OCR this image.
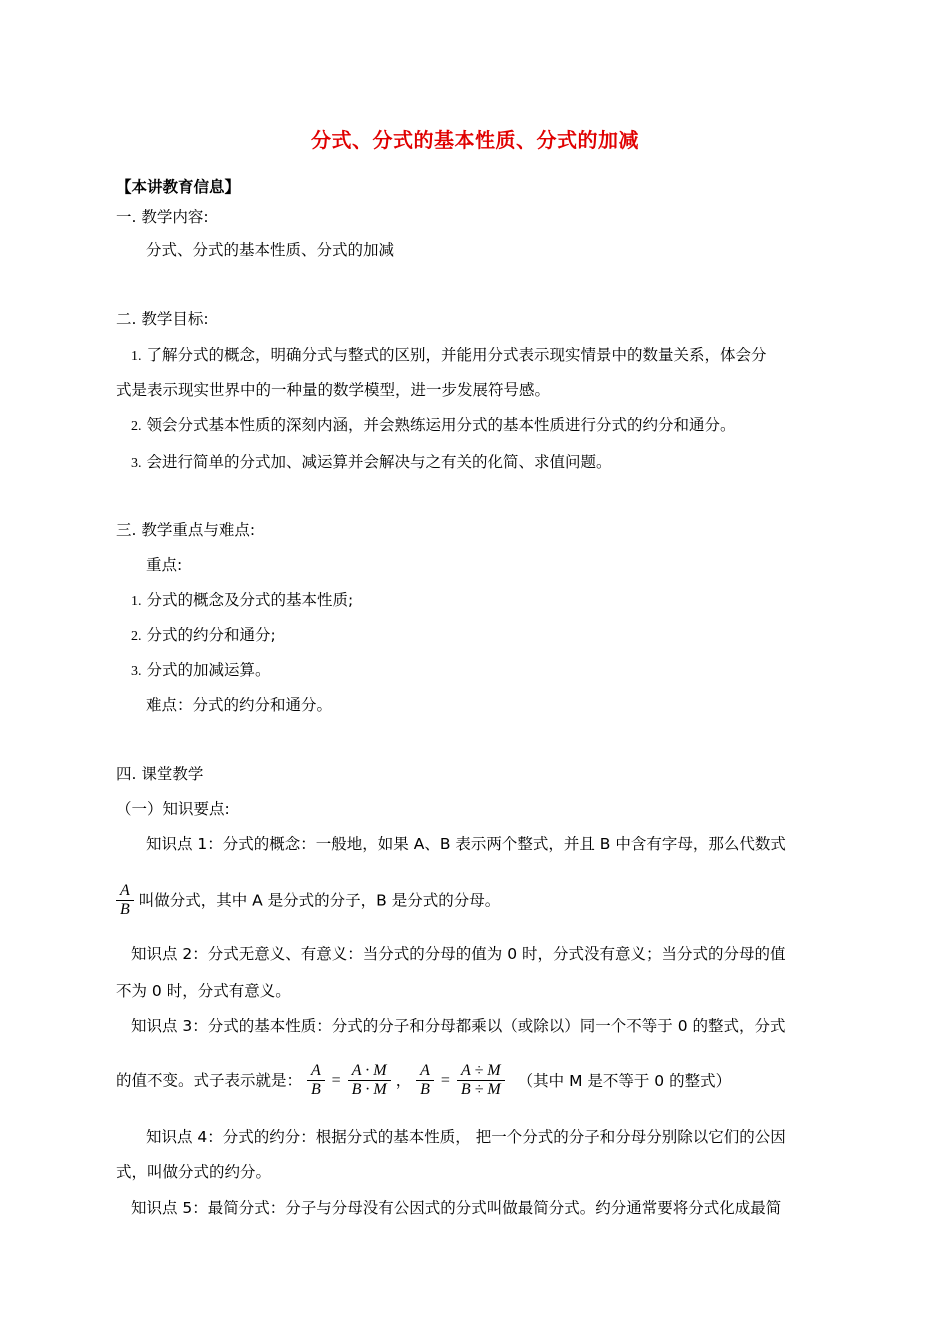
分式、分式的基本性质、分式的加减
【本讲教育信息】
一. 教学内容:
分式、分式的基本性质、分式的加减
二. 教学目标:
1. 了解分式的概念，明确分式与整式的区别，并能用分式表示现实情景中的数量关系，体会分
式是表示现实世界中的一种量的数学模型，进一步发展符号感。
2. 领会分式基本性质的深刻内涵，并会熟练运用分式的基本性质进行分式的约分和通分。
3. 会进行简单的分式加、减运算并会解决与之有关的化简、求值问题。
三. 教学重点与难点:
重点:
1. 分式的概念及分式的基本性质;
2. 分式的约分和通分;
3. 分式的加减运算。
难点：分式的约分和通分。
四. 课堂教学
（一）知识要点:
知识点 1：分式的概念：一般地，如果 A、B 表示两个整式，并且 B 中含有字母，那么代数式
$\frac{A}{B}$ 叫做分式，其中 A 是分式的分子，B 是分式的分母。
知识点 2：分式无意义、有意义：当分式的分母的值为 0 时，分式没有意义；当分式的分母的值
不为 0 时，分式有意义。
知识点 3：分式的基本性质：分式的分子和分母都乘以（或除以）同一个不等于 0 的整式，分式
的值不变。式子表示就是： $\frac{A}{B} = \frac{A \cdot M}{B \cdot M}$ ， $\frac{A}{B} = \frac{A \div M}{B \div M}$ （其中 M 是不等于 0 的整式）
知识点 4：分式的约分：根据分式的基本性质， 把一个分式的分子和分母分别除以它们的公因
式，叫做分式的约分。
知识点 5：最简分式：分子与分母没有公因式的分式叫做最简分式。约分通常要将分式化成最简
